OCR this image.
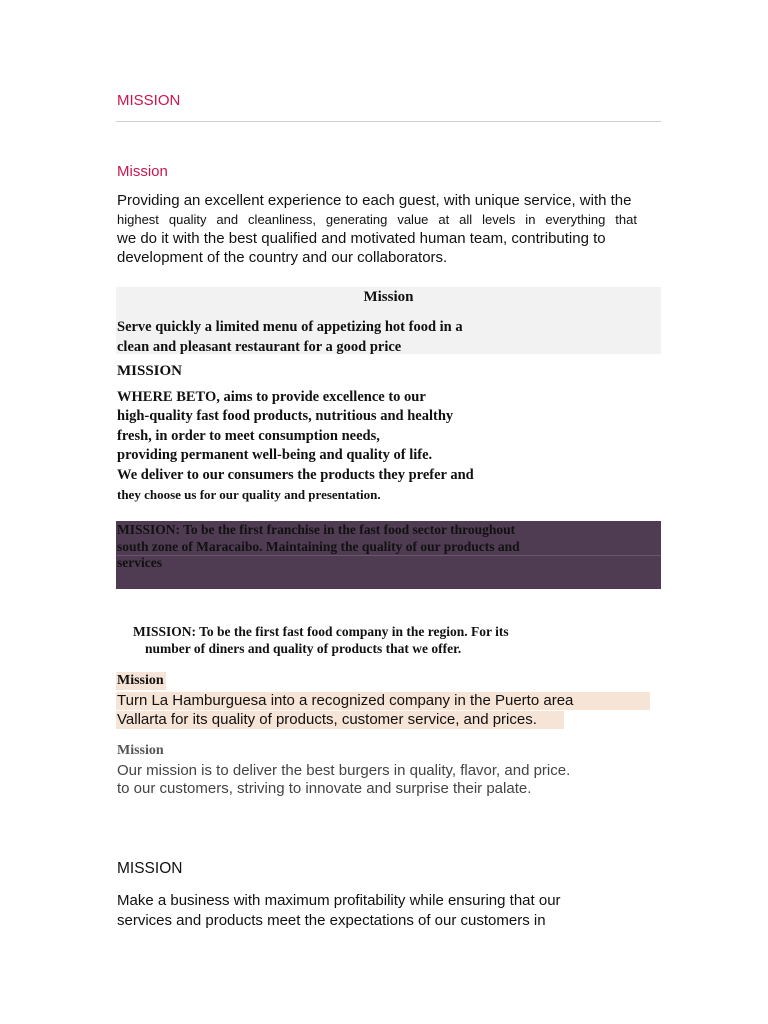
MISSION
Mission
Providing an excellent experience to each guest, with unique service, with the
highest quality and cleanliness, generating value at all levels in everything that
we do it with the best qualified and motivated human team, contributing to
development of the country and our collaborators.
Mission
Serve quickly a limited menu of appetizing hot food in a
clean and pleasant restaurant for a good price
MISSION
WHERE BETO, aims to provide excellence to our
high-quality fast food products, nutritious and healthy
fresh, in order to meet consumption needs,
providing permanent well-being and quality of life.
We deliver to our consumers the products they prefer and
they choose us for our quality and presentation.
MISSION: To be the first franchise in the fast food sector throughout
south zone of Maracaibo. Maintaining the quality of our products and
services
MISSION: To be the first fast food company in the region. For its
number of diners and quality of products that we offer.
Mission
Turn La Hamburguesa into a recognized company in the Puerto area
Vallarta for its quality of products, customer service, and prices.
Mission
Our mission is to deliver the best burgers in quality, flavor, and price.
to our customers, striving to innovate and surprise their palate.
MISSION
Make a business with maximum profitability while ensuring that our
services and products meet the expectations of our customers in
